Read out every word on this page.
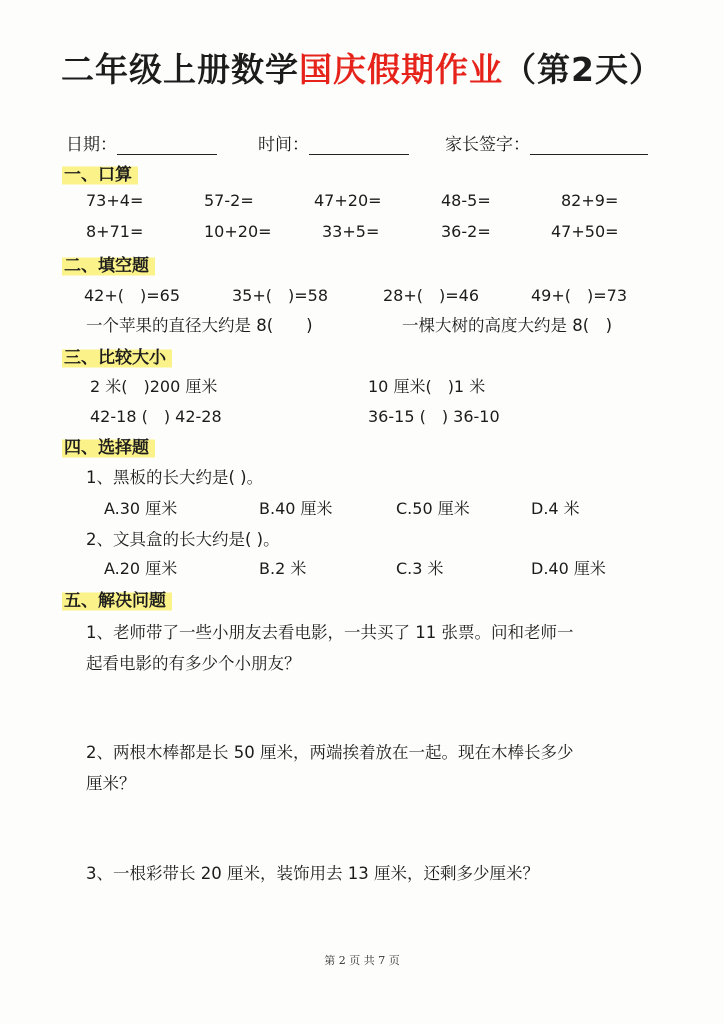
二年级上册数学国庆假期作业（第2天）
日期：	时间：	家长签字：
一、口算
73+4=	57-2=	47+20=	48-5=	82+9=
8+71=	10+20=	33+5=	36-2=	47+50=
二、填空题
42+(　)=65	35+(　)=58	28+(　)=46	49+(　)=73
一个苹果的直径大约是 8(　　)	一棵大树的高度大约是 8(　)
三、比较大小
2 米(　)200 厘米	10 厘米(　)1 米
42-18 (　) 42-28	36-15 (　) 36-10
四、选择题
1、黑板的长大约是( )。
A.30 厘米	B.40 厘米	C.50 厘米	D.4 米
2、文具盒的长大约是( )。
A.20 厘米	B.2 米	C.3 米	D.40 厘米
五、解决问题
1、老师带了一些小朋友去看电影，一共买了 11 张票。问和老师一
起看电影的有多少个小朋友？
2、两根木棒都是长 50 厘米，两端挨着放在一起。现在木棒长多少
厘米？
3、一根彩带长 20 厘米，装饰用去 13 厘米，还剩多少厘米？
第 2 页 共 7 页
